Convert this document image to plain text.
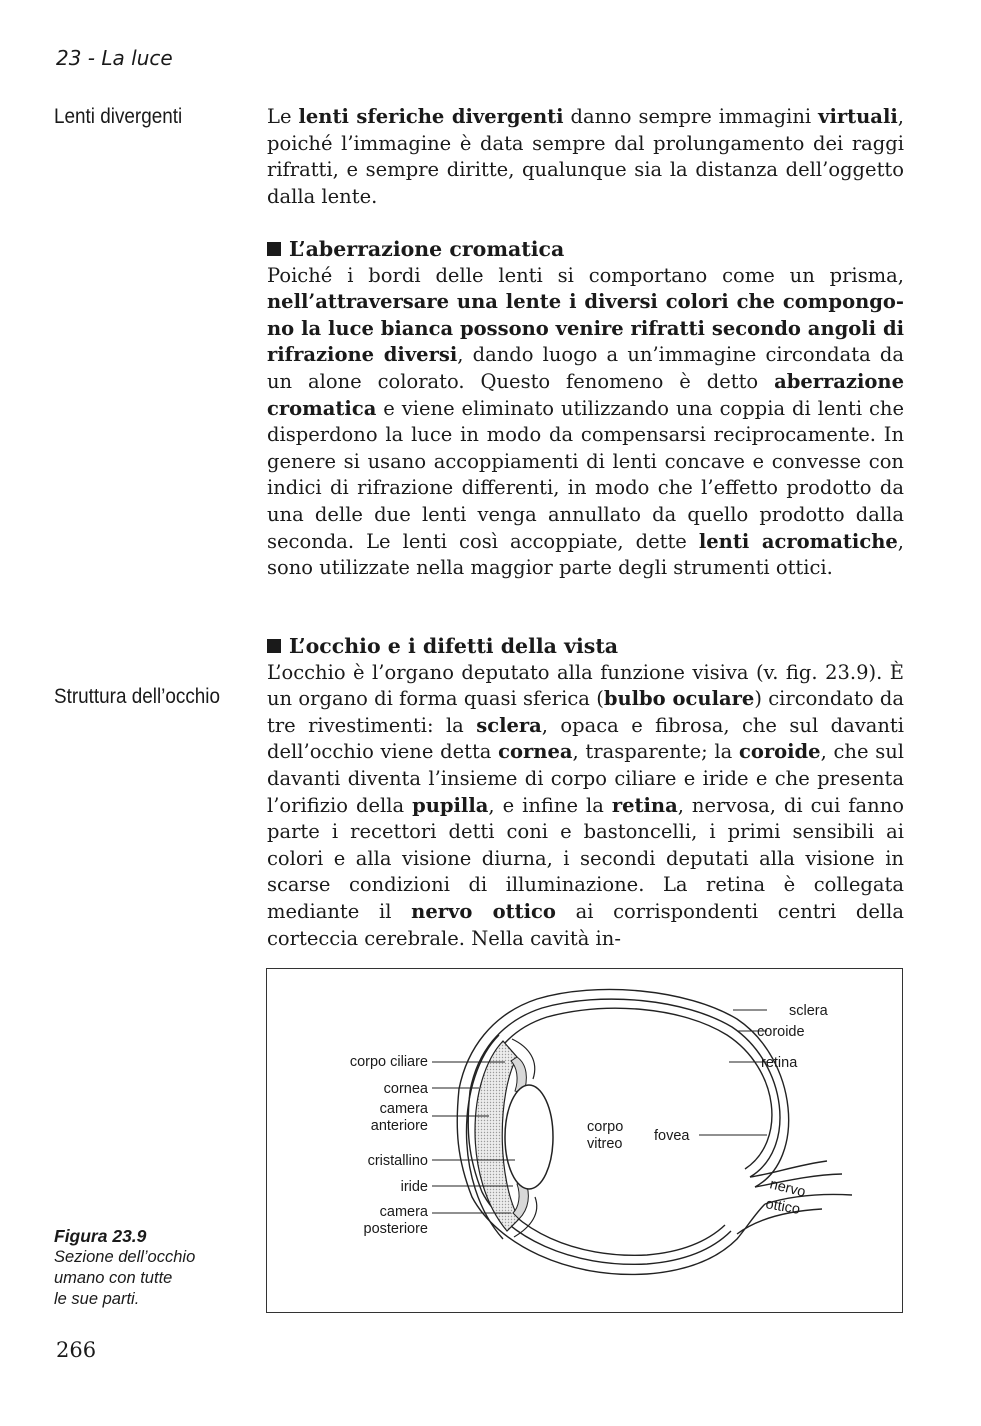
23 - La luce
Lenti divergenti
Struttura dell’occhio
Le lenti sferiche divergenti danno sempre immagini virtuali, poiché l’immagine è data sempre dal prolungamento dei raggi rifratti, e sempre diritte, qualunque sia la distanza dell’oggetto dalla lente.
L’aberrazione cromatica
Poiché i bordi delle lenti si comportano come un prisma, nell’attraversare una lente i diversi colori che compongono la luce bianca possono venire rifratti secondo angoli di rifrazione diversi, dando luogo a un’immagine circondata da un alone colorato. Questo fenomeno è detto aberrazione cromatica e viene eliminato utilizzando una coppia di lenti che disperdono la luce in modo da compensarsi reciprocamente. In genere si usano accoppiamenti di lenti concave e convesse con indici di rifrazione differenti, in modo che l’effetto prodotto da una delle due lenti venga annullato da quello prodotto dalla seconda. Le lenti così accoppiate, dette lenti acromatiche, sono utilizzate nella maggior parte degli strumenti ottici.
L’occhio e i difetti della vista
L’occhio è l’organo deputato alla funzione visiva (v. fig. 23.9). È un organo di forma quasi sferica (bulbo oculare) circondato da tre rivestimenti: la sclera, opaca e fibrosa, che sul davanti dell’occhio viene detta cornea, trasparente; la coroide, che sul davanti diventa l’insieme di corpo ciliare e iride e che presenta l’orifizio della pupilla, e infine la retina, nervosa, di cui fanno parte i recettori detti coni e bastoncelli, i primi sensibili ai colori e alla visione diurna, i secondi deputati alla visione in scarse condizioni di illuminazione. La retina è collegata mediante il nervo ottico ai corrispondenti centri della corteccia cerebrale. Nella cavità in-
sclera
coroide
retina
corpo ciliare
cornea
camera
anteriore
cristallino
iride
camera
posteriore
corpo
vitreo fovea
nervo
ottico
Figura 23.9
Sezione dell’occhio
umano con tutte
le sue parti.
266
